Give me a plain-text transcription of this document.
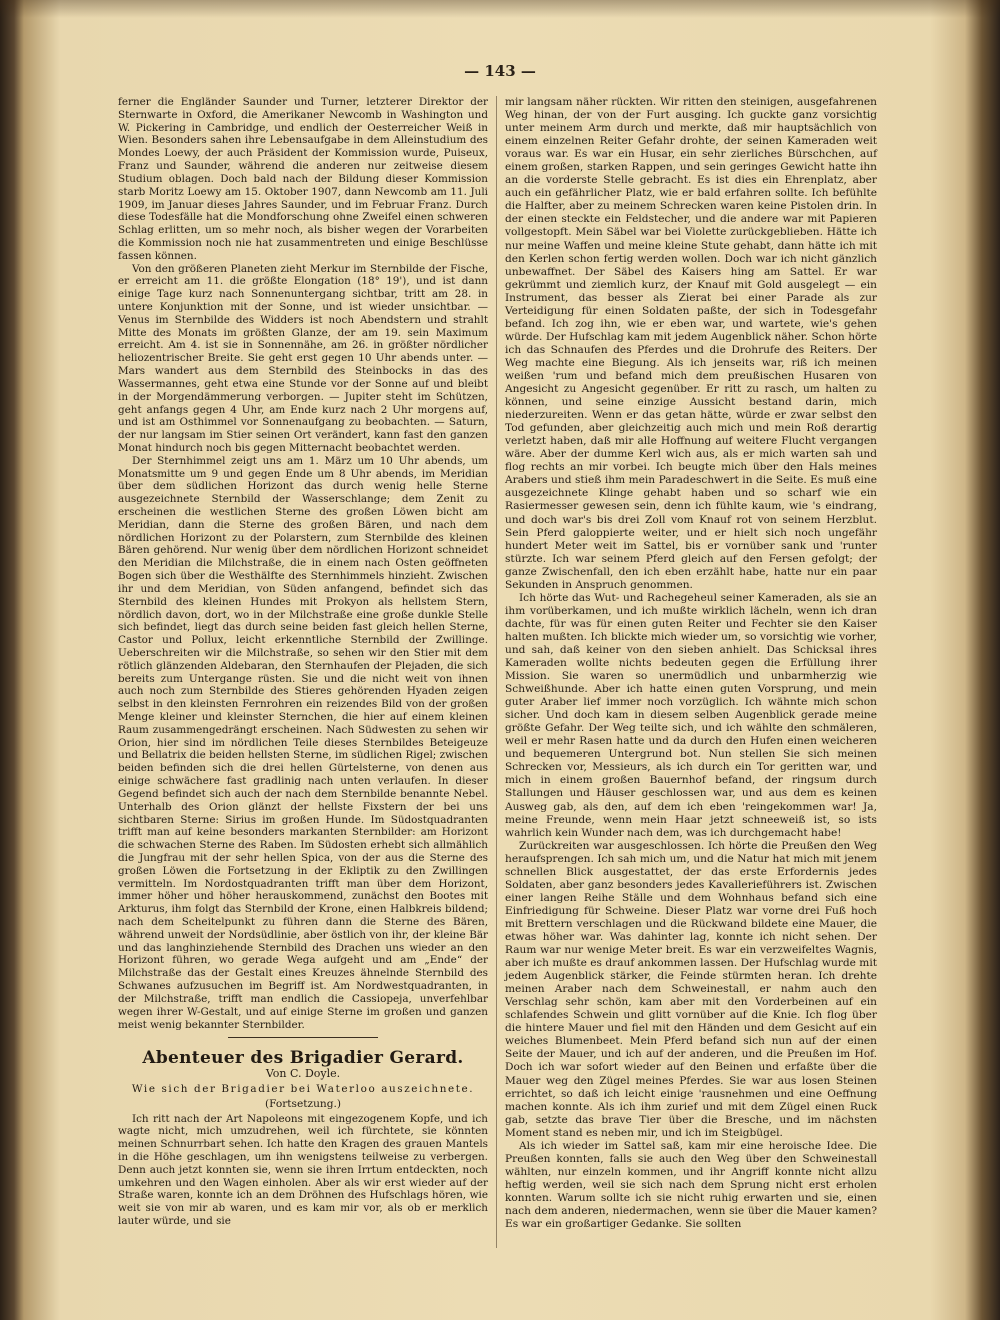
— 143 —

ferner die Engländer Saunder und Turner, letzterer Direktor der Sternwarte in Oxford, die Amerikaner Newcomb in Washington und W. Pickering in Cambridge, und endlich der Oesterreicher Weiß in Wien. Besonders sahen ihre Lebensaufgabe in dem Alleinstudium des Mondes Loewy, der auch Präsident der Kommission wurde, Puiseux, Franz und Saunder, während die anderen nur zeitweise diesem Studium oblagen. Doch bald nach der Bildung dieser Kommission starb Moritz Loewy am 15. Oktober 1907, dann Newcomb am 11. Juli 1909, im Januar dieses Jahres Saunder, und im Februar Franz. Durch diese Todesfälle hat die Mondforschung ohne Zweifel einen schweren Schlag erlitten, um so mehr noch, als bisher wegen der Vorarbeiten die Kommission noch nie hat zusammentreten und einige Beschlüsse fassen können.

Von den größeren Planeten zieht Merkur im Sternbilde der Fische, er erreicht am 11. die größte Elongation (18° 19'), und ist dann einige Tage kurz nach Sonnenuntergang sichtbar, tritt am 28. in untere Konjunktion mit der Sonne, und ist wieder unsichtbar. — Venus im Sternbilde des Widders ist noch Abendstern und strahlt Mitte des Monats im größten Glanze, der am 19. sein Maximum erreicht. Am 4. ist sie in Sonnennähe, am 26. in größter nördlicher heliozentrischer Breite. Sie geht erst gegen 10 Uhr abends unter. — Mars wandert aus dem Sternbild des Steinbocks in das des Wassermannes, geht etwa eine Stunde vor der Sonne auf und bleibt in der Morgendämmerung verborgen. — Jupiter steht im Schützen, geht anfangs gegen 4 Uhr, am Ende kurz nach 2 Uhr morgens auf, und ist am Osthimmel vor Sonnenaufgang zu beobachten. — Saturn, der nur langsam im Stier seinen Ort verändert, kann fast den ganzen Monat hindurch noch bis gegen Mitternacht beobachtet werden.

Der Sternhimmel zeigt uns am 1. März um 10 Uhr abends, um Monatsmitte um 9 und gegen Ende um 8 Uhr abends, im Meridian über dem südlichen Horizont das durch wenig helle Sterne ausgezeichnete Sternbild der Wasserschlange; dem Zenit zu erscheinen die westlichen Sterne des großen Löwen bicht am Meridian, dann die Sterne des großen Bären, und nach dem nördlichen Horizont zu der Polarstern, zum Sternbilde des kleinen Bären gehörend. Nur wenig über dem nördlichen Horizont schneidet den Meridian die Milchstraße, die in einem nach Osten geöffneten Bogen sich über die Westhälfte des Sternhimmels hinzieht. Zwischen ihr und dem Meridian, von Süden anfangend, befindet sich das Sternbild des kleinen Hundes mit Prokyon als hellstem Stern, nördlich davon, dort, wo in der Milchstraße eine große dunkle Stelle sich befindet, liegt das durch seine beiden fast gleich hellen Sterne, Castor und Pollux, leicht erkenntliche Sternbild der Zwillinge. Ueberschreiten wir die Milchstraße, so sehen wir den Stier mit dem rötlich glänzenden Aldebaran, den Sternhaufen der Plejaden, die sich bereits zum Untergange rüsten. Sie und die nicht weit von ihnen auch noch zum Sternbilde des Stieres gehörenden Hyaden zeigen selbst in den kleinsten Fernrohren ein reizendes Bild von der großen Menge kleiner und kleinster Sternchen, die hier auf einem kleinen Raum zusammengedrängt erscheinen. Nach Südwesten zu sehen wir Orion, hier sind im nördlichen Teile dieses Sternbildes Beteigeuze und Bellatrix die beiden hellsten Sterne, im südlichen Rigel; zwischen beiden befinden sich die drei hellen Gürtelsterne, von denen aus einige schwächere fast gradlinig nach unten verlaufen. In dieser Gegend befindet sich auch der nach dem Sternbilde benannte Nebel. Unterhalb des Orion glänzt der hellste Fixstern der bei uns sichtbaren Sterne: Sirius im großen Hunde. Im Südostquadranten trifft man auf keine besonders markanten Sternbilder: am Horizont die schwachen Sterne des Raben. Im Südosten erhebt sich allmählich die Jungfrau mit der sehr hellen Spica, von der aus die Sterne des großen Löwen die Fortsetzung in der Ekliptik zu den Zwillingen vermitteln. Im Nordostquadranten trifft man über dem Horizont, immer höher und höher herauskommend, zunächst den Bootes mit Arkturus, ihm folgt das Sternbild der Krone, einen Halbkreis bildend; nach dem Scheitelpunkt zu führen dann die Sterne des Bären, während unweit der Nordsüdlinie, aber östlich von ihr, der kleine Bär und das langhinziehende Sternbild des Drachen uns wieder an den Horizont führen, wo gerade Wega aufgeht und am „Ende“ der Milchstraße das der Gestalt eines Kreuzes ähnelnde Sternbild des Schwanes aufzusuchen im Begriff ist. Am Nordwestquadranten, in der Milchstraße, trifft man endlich die Cassiopeja, unverfehlbar wegen ihrer W-Gestalt, und auf einige Sterne im großen und ganzen meist wenig bekannter Sternbilder.

Abenteuer des Brigadier Gerard.
Von C. Doyle.
Wie sich der Brigadier bei Waterloo auszeichnete.
(Fortsetzung.)

Ich ritt nach der Art Napoleons mit eingezogenem Kopfe, und ich wagte nicht, mich umzudrehen, weil ich fürchtete, sie könnten meinen Schnurrbart sehen. Ich hatte den Kragen des grauen Mantels in die Höhe geschlagen, um ihn wenigstens teilweise zu verbergen. Denn auch jetzt konnten sie, wenn sie ihren Irrtum entdeckten, noch umkehren und den Wagen einholen. Aber als wir erst wieder auf der Straße waren, konnte ich an dem Dröhnen des Hufschlags hören, wie weit sie von mir ab waren, und es kam mir vor, als ob er merklich lauter würde, und sie

mir langsam näher rückten. Wir ritten den steinigen, ausgefahrenen Weg hinan, der von der Furt ausging. Ich guckte ganz vorsichtig unter meinem Arm durch und merkte, daß mir hauptsächlich von einem einzelnen Reiter Gefahr drohte, der seinen Kameraden weit voraus war. Es war ein Husar, ein sehr zierliches Bürschchen, auf einem großen, starken Rappen, und sein geringes Gewicht hatte ihn an die vorderste Stelle gebracht. Es ist dies ein Ehrenplatz, aber auch ein gefährlicher Platz, wie er bald erfahren sollte. Ich befühlte die Halfter, aber zu meinem Schrecken waren keine Pistolen drin. In der einen steckte ein Feldstecher, und die andere war mit Papieren vollgestopft. Mein Säbel war bei Violette zurückgeblieben. Hätte ich nur meine Waffen und meine kleine Stute gehabt, dann hätte ich mit den Kerlen schon fertig werden wollen. Doch war ich nicht gänzlich unbewaffnet. Der Säbel des Kaisers hing am Sattel. Er war gekrümmt und ziemlich kurz, der Knauf mit Gold ausgelegt — ein Instrument, das besser als Zierat bei einer Parade als zur Verteidigung für einen Soldaten paßte, der sich in Todesgefahr befand. Ich zog ihn, wie er eben war, und wartete, wie's gehen würde. Der Hufschlag kam mit jedem Augenblick näher. Schon hörte ich das Schnaufen des Pferdes und die Drohrufe des Reiters. Der Weg machte eine Biegung. Als ich jenseits war, riß ich meinen weißen 'rum und befand mich dem preußischen Husaren von Angesicht zu Angesicht gegenüber. Er ritt zu rasch, um halten zu können, und seine einzige Aussicht bestand darin, mich niederzureiten. Wenn er das getan hätte, würde er zwar selbst den Tod gefunden, aber gleichzeitig auch mich und mein Roß derartig verletzt haben, daß mir alle Hoffnung auf weitere Flucht vergangen wäre. Aber der dumme Kerl wich aus, als er mich warten sah und flog rechts an mir vorbei. Ich beugte mich über den Hals meines Arabers und stieß ihm mein Paradeschwert in die Seite. Es muß eine ausgezeichnete Klinge gehabt haben und so scharf wie ein Rasiermesser gewesen sein, denn ich fühlte kaum, wie 's eindrang, und doch war's bis drei Zoll vom Knauf rot von seinem Herzblut. Sein Pferd galoppierte weiter, und er hielt sich noch ungefähr hundert Meter weit im Sattel, bis er vornüber sank und 'runter stürzte. Ich war seinem Pferd gleich auf den Fersen gefolgt; der ganze Zwischenfall, den ich eben erzählt habe, hatte nur ein paar Sekunden in Anspruch genommen.

Ich hörte das Wut- und Rachegeheul seiner Kameraden, als sie an ihm vorüberkamen, und ich mußte wirklich lächeln, wenn ich dran dachte, für was für einen guten Reiter und Fechter sie den Kaiser halten mußten. Ich blickte mich wieder um, so vorsichtig wie vorher, und sah, daß keiner von den sieben anhielt. Das Schicksal ihres Kameraden wollte nichts bedeuten gegen die Erfüllung ihrer Mission. Sie waren so unermüdlich und unbarmherzig wie Schweißhunde. Aber ich hatte einen guten Vorsprung, und mein guter Araber lief immer noch vorzüglich. Ich wähnte mich schon sicher. Und doch kam in diesem selben Augenblick gerade meine größte Gefahr. Der Weg teilte sich, und ich wählte den schmäleren, weil er mehr Rasen hatte und da durch den Hufen einen weicheren und bequemeren Untergrund bot. Nun stellen Sie sich meinen Schrecken vor, Messieurs, als ich durch ein Tor geritten war, und mich in einem großen Bauernhof befand, der ringsum durch Stallungen und Häuser geschlossen war, und aus dem es keinen Ausweg gab, als den, auf dem ich eben 'reingekommen war! Ja, meine Freunde, wenn mein Haar jetzt schneeweiß ist, so ists wahrlich kein Wunder nach dem, was ich durchgemacht habe!

Zurückreiten war ausgeschlossen. Ich hörte die Preußen den Weg heraufsprengen. Ich sah mich um, und die Natur hat mich mit jenem schnellen Blick ausgestattet, der das erste Erfordernis jedes Soldaten, aber ganz besonders jedes Kavallerieführers ist. Zwischen einer langen Reihe Ställe und dem Wohnhaus befand sich eine Einfriedigung für Schweine. Dieser Platz war vorne drei Fuß hoch mit Brettern verschlagen und die Rückwand bildete eine Mauer, die etwas höher war. Was dahinter lag, konnte ich nicht sehen. Der Raum war nur wenige Meter breit. Es war ein verzweifeltes Wagnis, aber ich mußte es drauf ankommen lassen. Der Hufschlag wurde mit jedem Augenblick stärker, die Feinde stürmten heran. Ich drehte meinen Araber nach dem Schweinestall, er nahm auch den Verschlag sehr schön, kam aber mit den Vorderbeinen auf ein schlafendes Schwein und glitt vornüber auf die Knie. Ich flog über die hintere Mauer und fiel mit den Händen und dem Gesicht auf ein weiches Blumenbeet. Mein Pferd befand sich nun auf der einen Seite der Mauer, und ich auf der anderen, und die Preußen im Hof. Doch ich war sofort wieder auf den Beinen und erfaßte über die Mauer weg den Zügel meines Pferdes. Sie war aus losen Steinen errichtet, so daß ich leicht einige 'rausnehmen und eine Oeffnung machen konnte. Als ich ihm zurief und mit dem Zügel einen Ruck gab, setzte das brave Tier über die Bresche, und im nächsten Moment stand es neben mir, und ich im Steigbügel.

Als ich wieder im Sattel saß, kam mir eine heroische Idee. Die Preußen konnten, falls sie auch den Weg über den Schweinestall wählten, nur einzeln kommen, und ihr Angriff konnte nicht allzu heftig werden, weil sie sich nach dem Sprung nicht erst erholen konnten. Warum sollte ich sie nicht ruhig erwarten und sie, einen nach dem anderen, niedermachen, wenn sie über die Mauer kamen? Es war ein großartiger Gedanke. Sie sollten
